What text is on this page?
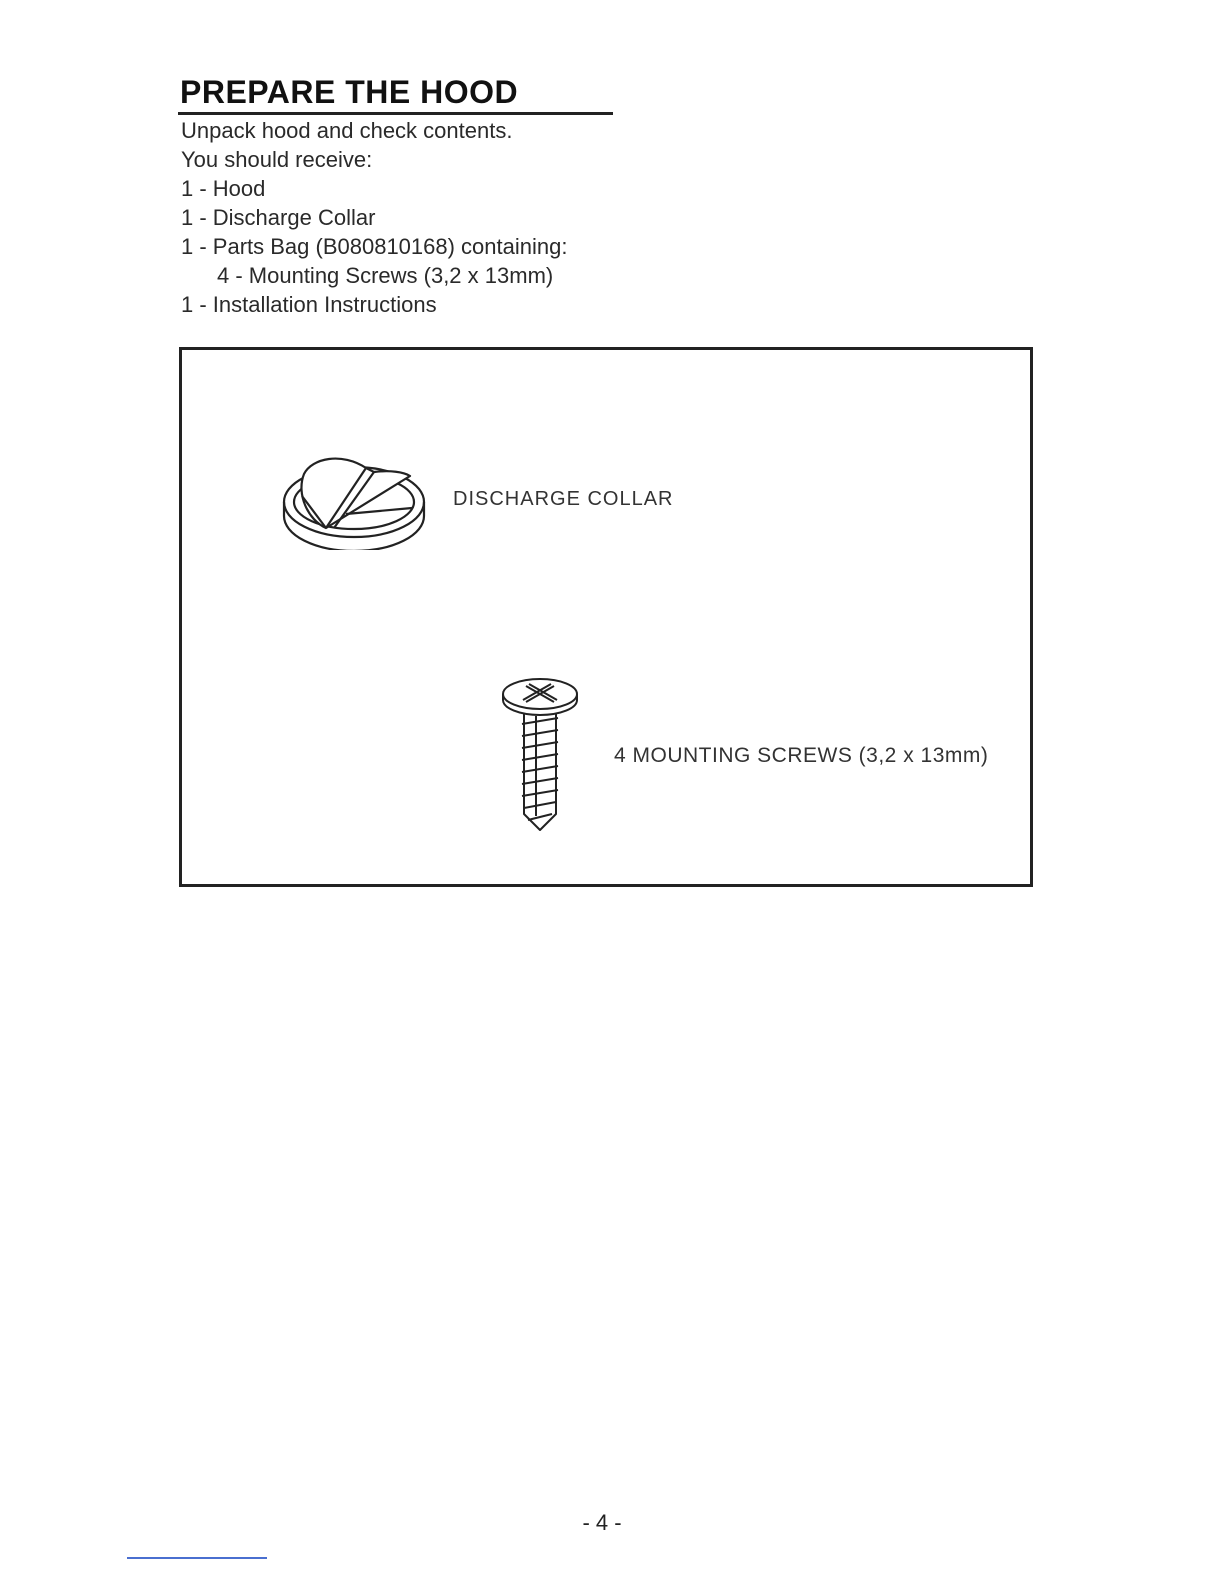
PREPARE THE HOOD
Unpack hood and check contents.
You should receive:
1 - Hood
1 - Discharge Collar
1 - Parts Bag (B080810168) containing:
4 - Mounting Screws (3,2 x 13mm)
1 - Installation Instructions
DISCHARGE COLLAR
4 MOUNTING SCREWS (3,2 x 13mm)
- 4 -
